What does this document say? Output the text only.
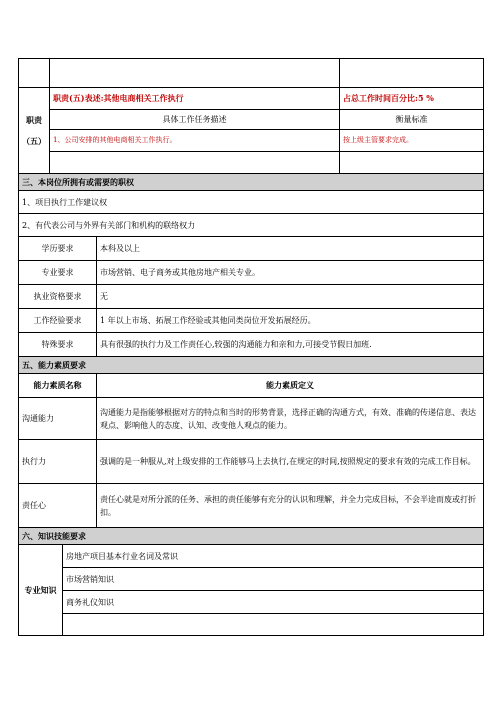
职责
（五）	职责(五)表述:其他电商相关工作执行	占总工作时间百分比:5 %
	具体工作任务描述	衡量标准
	1、公司安排的其他电商相关工作执行。	按上级主管要求完成。

三、本岗位所拥有或需要的职权	
1、项目执行工作建议权	
2、有代表公司与外界有关部门和机构的联络权力	
学历要求	本科及以上
专业要求	市场营销、电子商务或其他房地产相关专业。
执业资格要求	无
工作经验要求	1 年以上市场、拓展工作经验或其他同类岗位开发拓展经历。
特殊要求	具有很强的执行力及工作责任心,较强的沟通能力和亲和力,可接受节假日加班.
五、能力素质要求	
能力素质名称	能力素质定义
沟通能力	沟通能力是指能够根据对方的特点和当时的形势背景，选择正确的沟通方式，有效、准确的传递信息、表达观点、影响他人的态度、认知、改变他人观点的能力。
执行力	强调的是一种服从,对上级安排的工作能够马上去执行,在规定的时间,按照规定的要求有效的完成工作目标。
责任心	责任心就是对所分派的任务、承担的责任能够有充分的认识和理解，并全力完成目标，不会半途而废或打折扣。
六、知识技能要求
专业知识	房地产项目基本行业名词及常识
市场营销知识
商务礼仪知识
